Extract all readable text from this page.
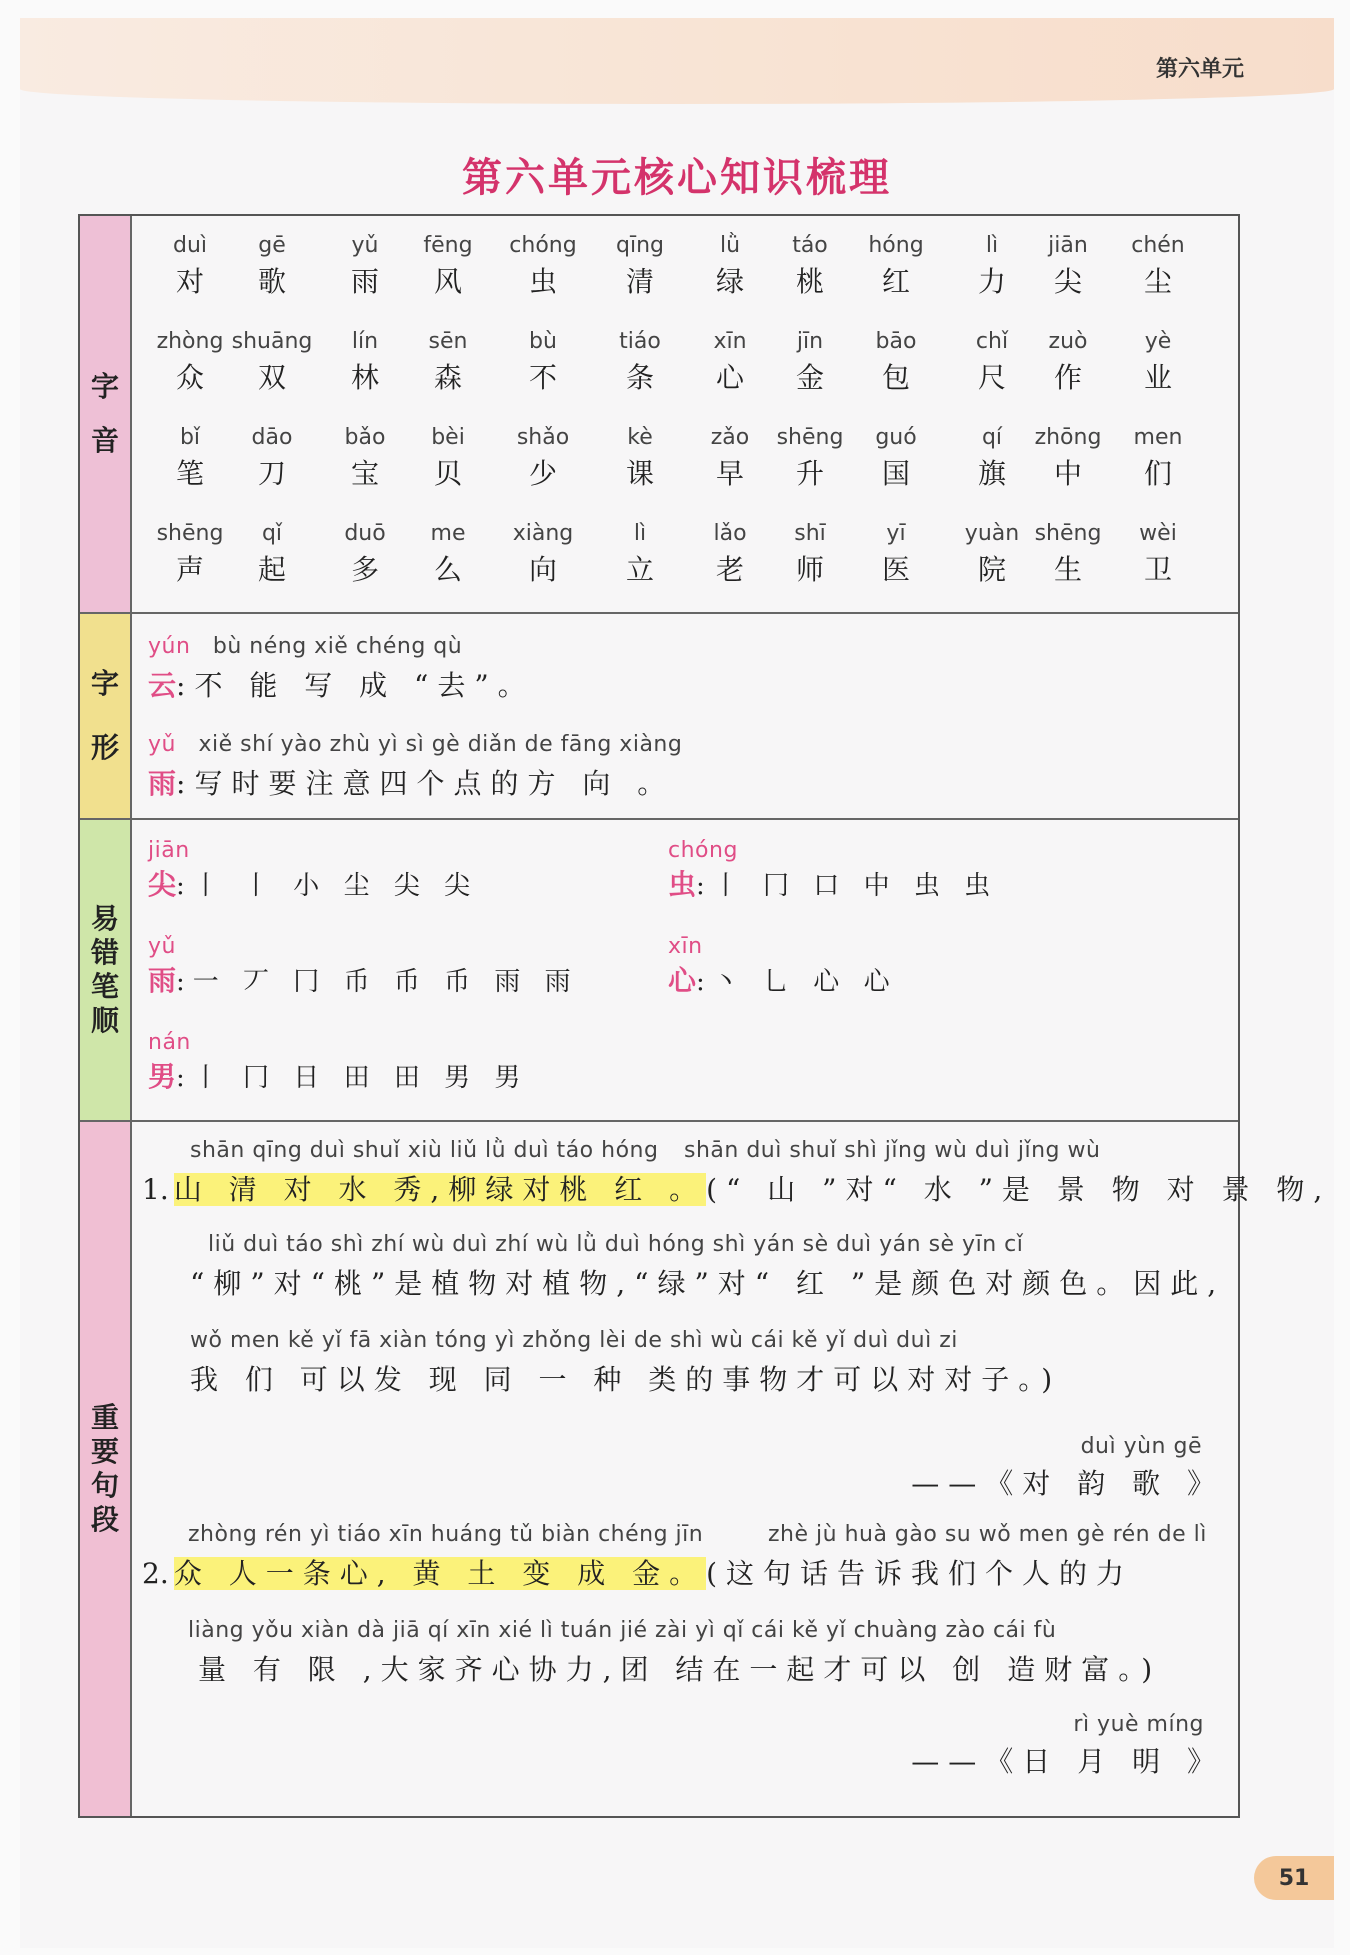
第六单元
第六单元核心知识梳理
字
音
duì
对
gē
歌
yǔ
雨
fēng
风
chóng
虫
qīng
清
lǜ
绿
táo
桃
hóng
红
lì
力
jiān
尖
chén
尘
zhòng
众
shuāng
双
lín
林
sēn
森
bù
不
tiáo
条
xīn
心
jīn
金
bāo
包
chǐ
尺
zuò
作
yè
业
bǐ
笔
dāo
刀
bǎo
宝
bèi
贝
shǎo
少
kè
课
zǎo
早
shēng
升
guó
国
qí
旗
zhōng
中
men
们
shēng
声
qǐ
起
duō
多
me
么
xiàng
向
lì
立
lǎo
老
shī
师
yī
医
yuàn
院
shēng
生
wèi
卫
字
形
yún bù néng xiě chéng qù
云:不 能 写 成 “去”。
yǔ xiě shí yào zhù yì sì gè diǎn de fāng xiàng
雨:写时要注意四个点的方 向 。
易
错
笔
顺
jiān
尖:丨 丨 小 尘 尖 尖
chóng
虫:丨 冂 口 中 虫 虫
yǔ
雨:一 丆 冂 币 币 币 雨 雨
xīn
心:丶 乚 心 心
nán
男:丨 冂 日 田 田 男 男
重
要
句
段
shān qīng duì shuǐ xiù liǔ lǜ duì táo hóng shān duì shuǐ shì jǐng wù duì jǐng wù
1. 山 清 对 水 秀,柳绿对桃 红 。(“ 山 ”对“ 水 ”是 景 物 对 景 物,
liǔ duì táo shì zhí wù duì zhí wù lǜ duì hóng shì yán sè duì yán sè yīn cǐ
“柳”对“桃”是植物对植物,“绿”对“ 红 ”是颜色对颜色。因此,
wǒ men kě yǐ fā xiàn tóng yì zhǒng lèi de shì wù cái kě yǐ duì duì zi
我 们 可以发 现 同 一 种 类的事物才可以对对子。)
duì yùn gē
——《对 韵 歌 》
zhòng rén yì tiáo xīn huáng tǔ biàn chéng jīn	zhè jù huà gào su wǒ men gè rén de lì
2. 众 人一条心, 黄 土 变 成 金。(这句话告诉我们个人的力
liàng yǒu xiàn dà jiā qí xīn xié lì tuán jié zài yì qǐ cái kě yǐ chuàng zào cái fù
量 有 限 ,大家齐心协力,团 结在一起才可以 创 造财富。)
rì yuè míng
——《日 月 明 》
51
